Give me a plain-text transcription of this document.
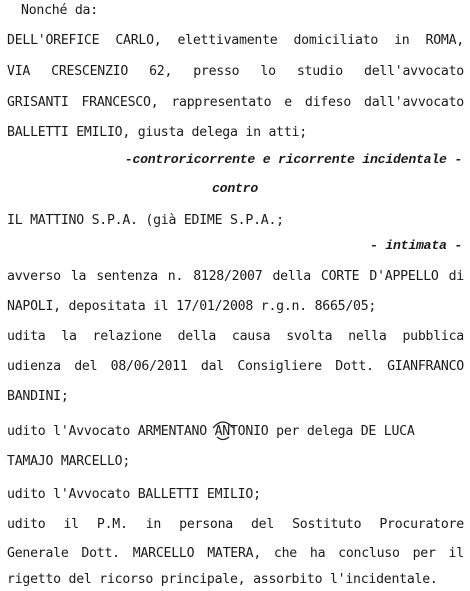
Nonché da:
DELL'OREFICE CARLO, elettivamente domiciliato in ROMA,
VIA CRESCENZIO 62, presso lo studio dell'avvocato
GRISANTI FRANCESCO, rappresentato e difeso dall'avvocato
BALLETTI EMILIO, giusta delega in atti;
-controricorrente e ricorrente incidentale -
contro
IL MATTINO S.P.A. (già EDIME S.P.A.;
- intimata -
avverso la sentenza n. 8128/2007 della CORTE D'APPELLO di
NAPOLI, depositata il 17/01/2008 r.g.n. 8665/05;
udita la relazione della causa svolta nella pubblica
udienza del 08/06/2011 dal Consigliere Dott. GIANFRANCO
BANDINI;
udito l'Avvocato ARMENTANO ANTONIO per delega DE LUCA
TAMAJO MARCELLO;
udito l'Avvocato BALLETTI EMILIO;
udito il P.M. in persona del Sostituto Procuratore
Generale Dott. MARCELLO MATERA, che ha concluso per il
rigetto del ricorso principale, assorbito l'incidentale.
